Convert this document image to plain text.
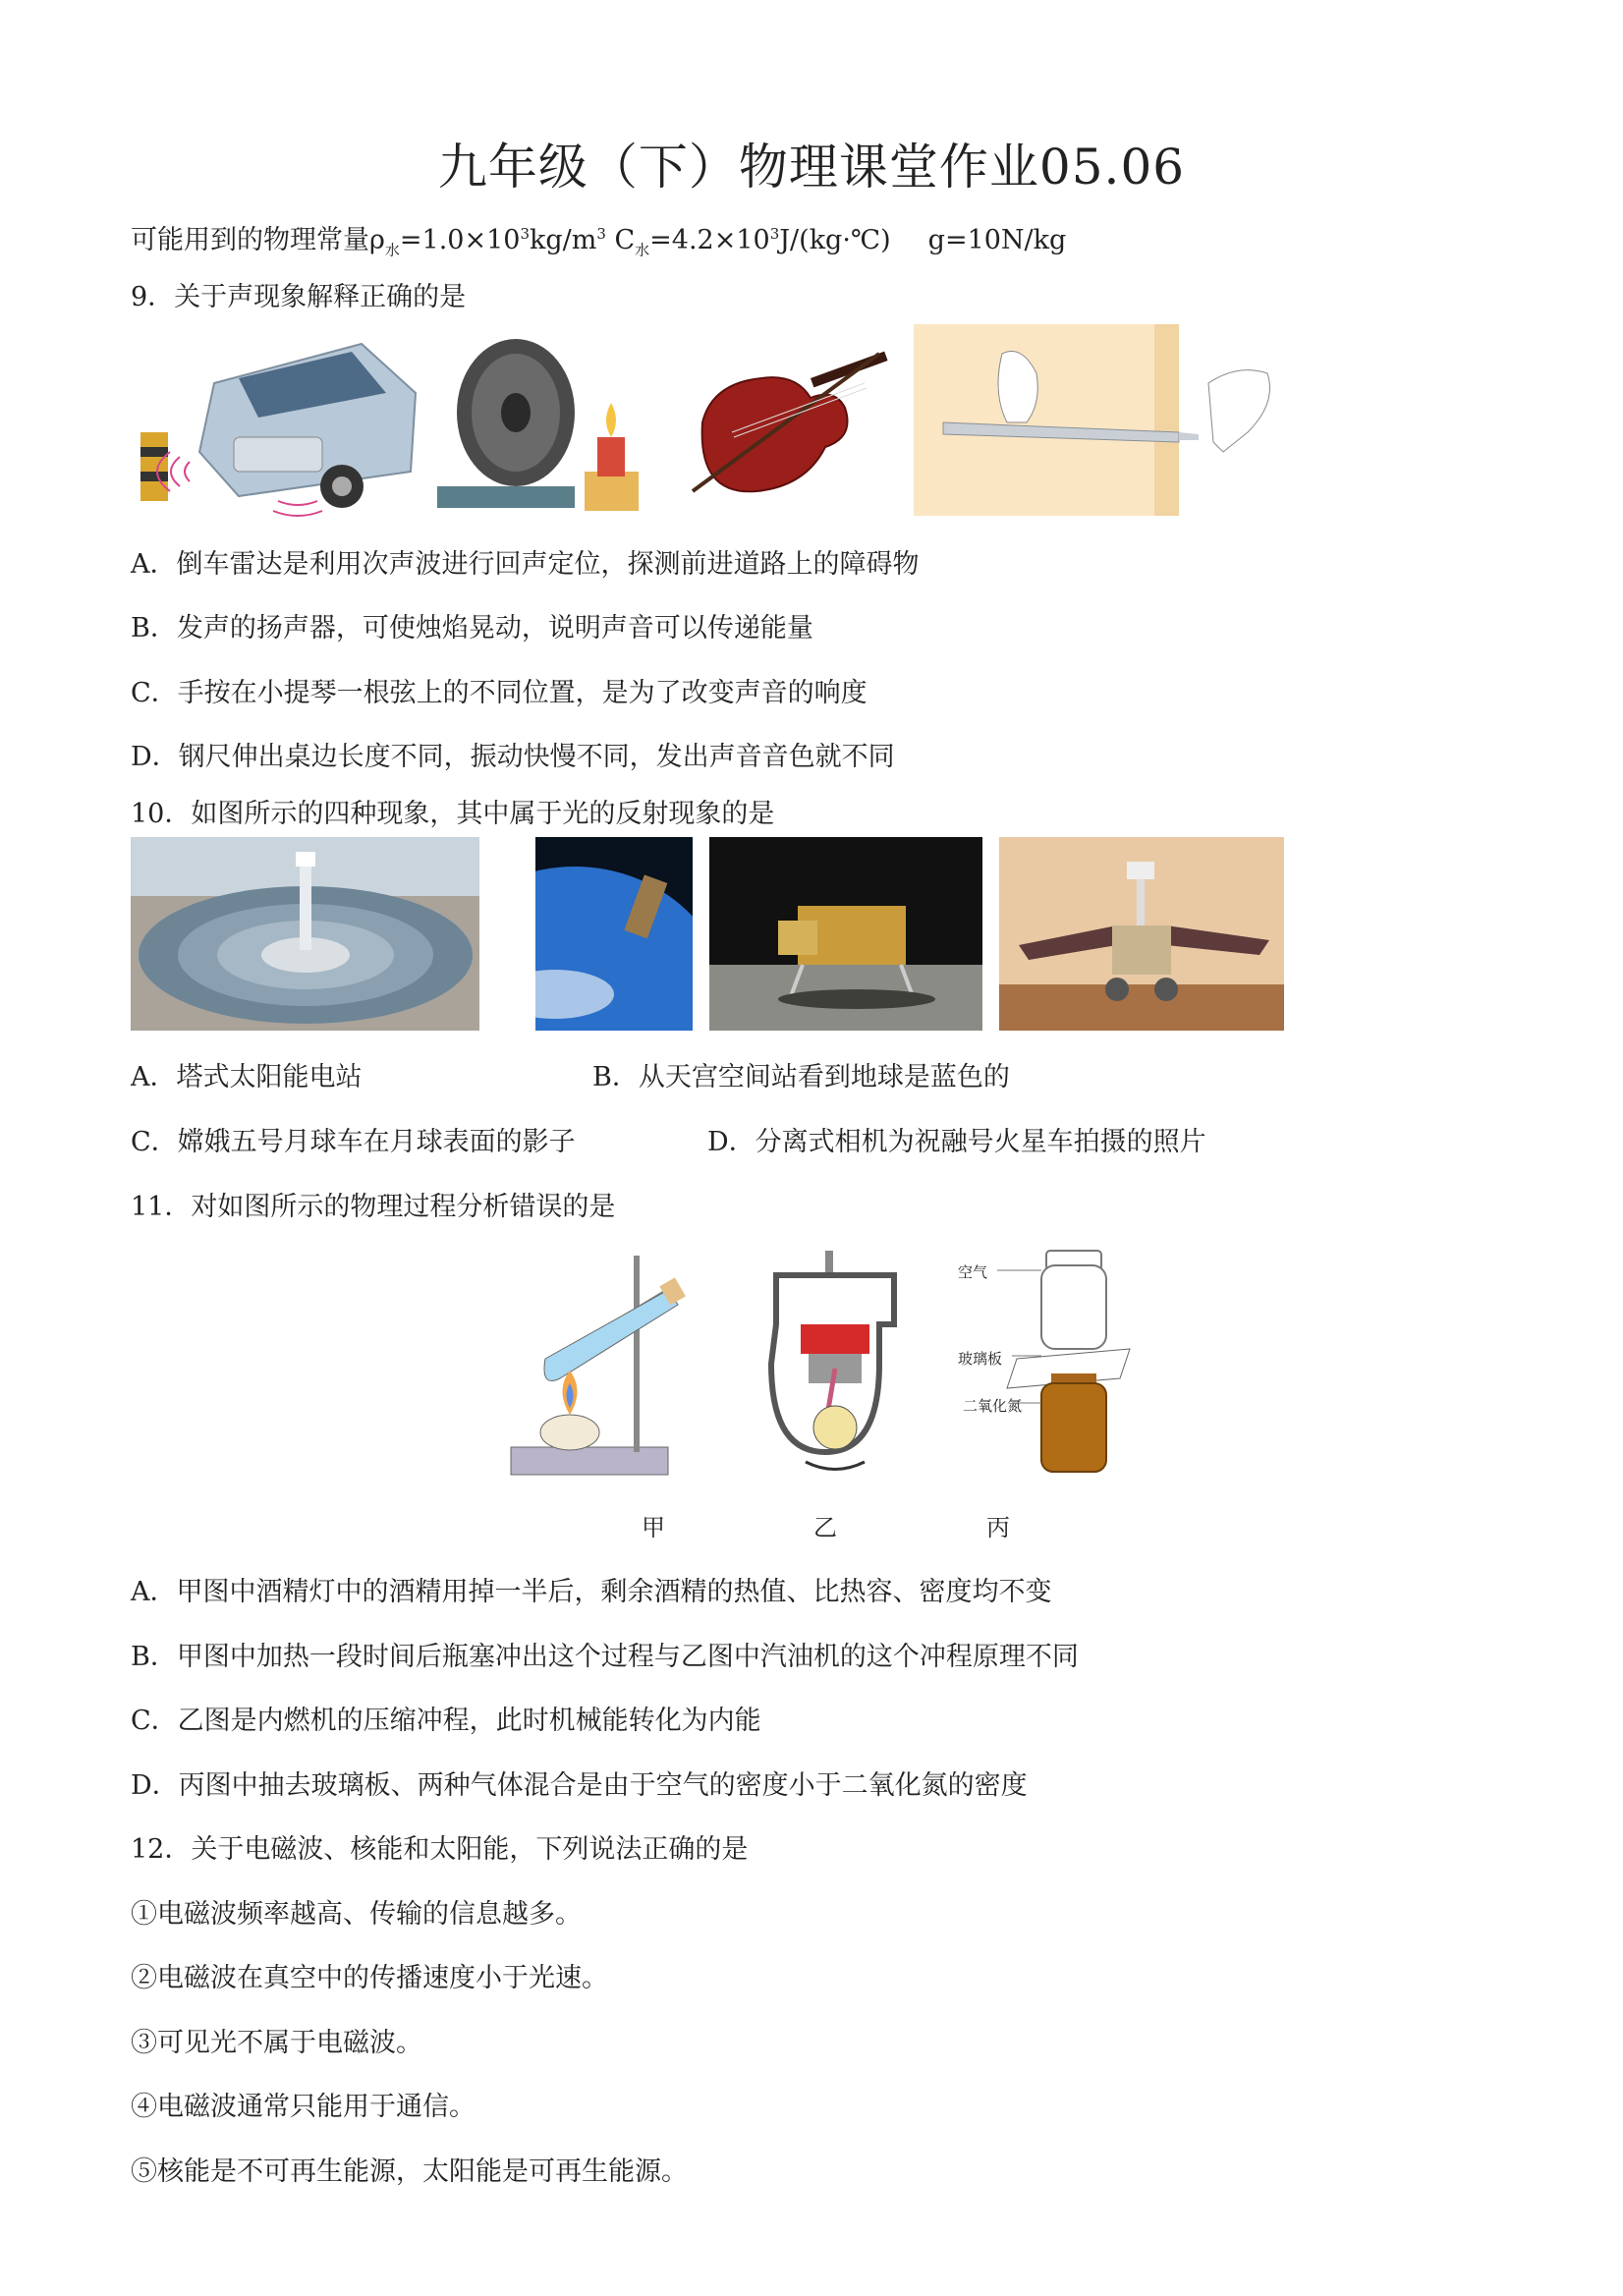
九年级（下）物理课堂作业05.06
可能用到的物理常量$\rho_水=1.0\times 10^3kg/m^3$ $C_水=4.2\times 10^3J/(kg\cdot℃)$ g=10N/kg
9．关于声现象解释正确的是
A．倒车雷达是利用次声波进行回声定位，探测前进道路上的障碍物
B．发声的扬声器，可使烛焰晃动，说明声音可以传递能量
C．手按在小提琴一根弦上的不同位置，是为了改变声音的响度
D．钢尺伸出桌边长度不同，振动快慢不同，发出声音音色就不同
10．如图所示的四种现象，其中属于光的反射现象的是
A．塔式太阳能电站	B．从天宫空间站看到地球是蓝色的
C．嫦娥五号月球车在月球表面的影子	D．分离式相机为祝融号火星车拍摄的照片
11．对如图所示的物理过程分析错误的是
空气
玻璃板
二氧化氮
甲	乙	丙
A．甲图中酒精灯中的酒精用掉一半后，剩余酒精的热值、比热容、密度均不变
B．甲图中加热一段时间后瓶塞冲出这个过程与乙图中汽油机的这个冲程原理不同
C．乙图是内燃机的压缩冲程，此时机械能转化为内能
D．丙图中抽去玻璃板、两种气体混合是由于空气的密度小于二氧化氮的密度
12．关于电磁波、核能和太阳能，下列说法正确的是
①电磁波频率越高、传输的信息越多。
②电磁波在真空中的传播速度小于光速。
③可见光不属于电磁波。
④电磁波通常只能用于通信。
⑤核能是不可再生能源，太阳能是可再生能源。
